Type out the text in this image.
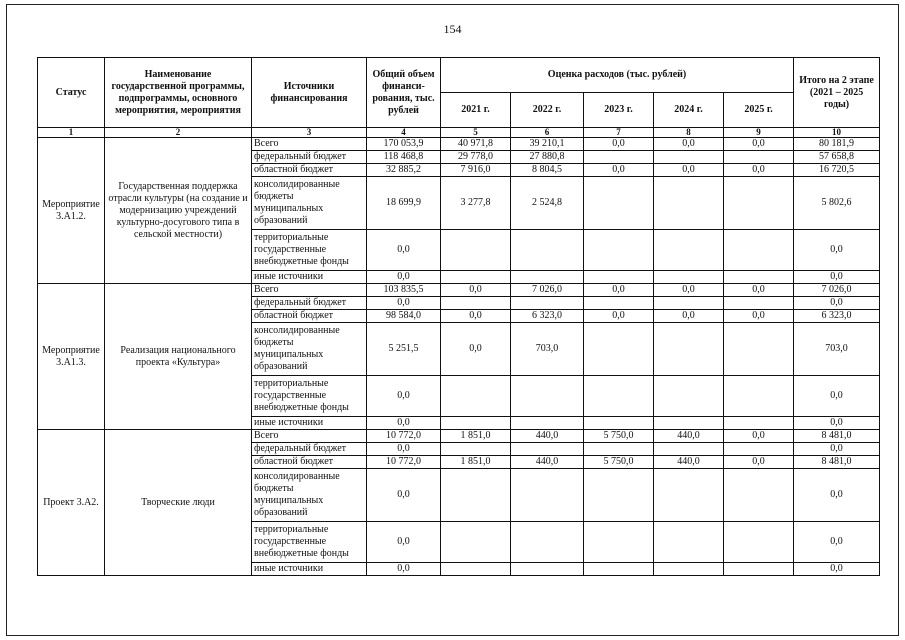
154
Статус	Наименование государственной программы, подпрограммы, основного мероприятия, мероприятия	Источники финансирования	Общий объем финанси-рования, тыс. рублей	Оценка расходов (тыс. рублей)					Итого на 2 этапе (2021 – 2025 годы)
				2021 г.	2022 г.	2023 г.	2024 г.	2025 г.	
1	2	3	4	5	6	7	8	9	10
Мероприятие 3.А1.2.	Государственная поддержка отрасли культуры (на создание и модернизацию учреждений культурно-досугового типа в сельской местности)	Всего	170 053,9	40 971,8	39 210,1	0,0	0,0	0,0	80 181,9
		федеральный бюджет	118 468,8	29 778,0	27 880,8				57 658,8
		областной бюджет	32 885,2	7 916,0	8 804,5	0,0	0,0	0,0	16 720,5
		консолидированные бюджеты муниципальных образований	18 699,9	3 277,8	2 524,8				5 802,6
		территориальные государственные внебюджетные фонды	0,0						0,0
		иные источники	0,0						0,0
Мероприятие 3.А1.3.	Реализация национального проекта «Культура»	Всего	103 835,5	0,0	7 026,0	0,0	0,0	0,0	7 026,0
		федеральный бюджет	0,0						0,0
		областной бюджет	98 584,0	0,0	6 323,0	0,0	0,0	0,0	6 323,0
		консолидированные бюджеты муниципальных образований	5 251,5	0,0	703,0				703,0
		территориальные государственные внебюджетные фонды	0,0						0,0
		иные источники	0,0						0,0
Проект 3.А2.	Творческие люди	Всего	10 772,0	1 851,0	440,0	5 750,0	440,0	0,0	8 481,0
		федеральный бюджет	0,0						0,0
		областной бюджет	10 772,0	1 851,0	440,0	5 750,0	440,0	0,0	8 481,0
		консолидированные бюджеты муниципальных образований	0,0						0,0
		территориальные государственные внебюджетные фонды	0,0						0,0
		иные источники	0,0						0,0
